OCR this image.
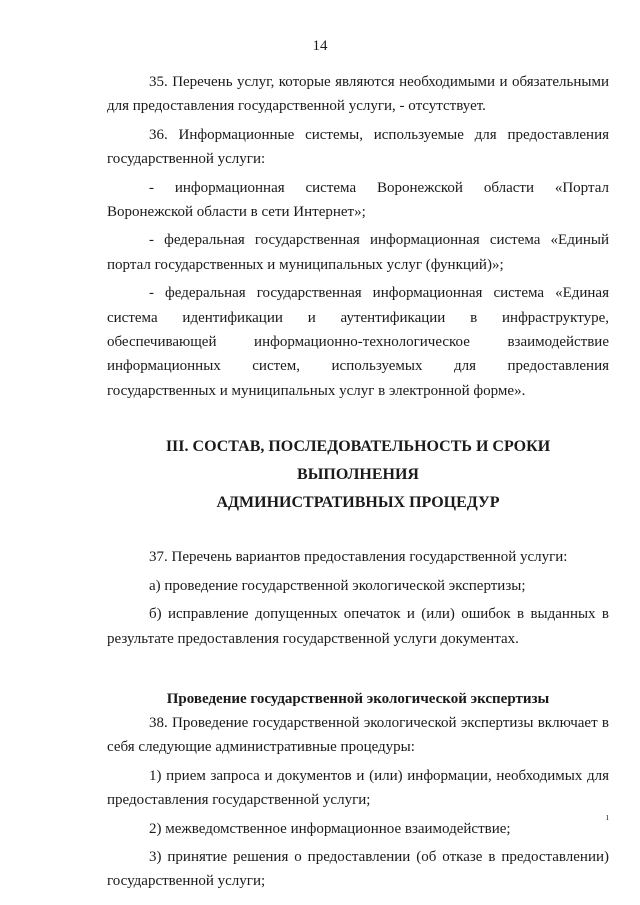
14

35. Перечень услуг, которые являются необходимыми и обязательными для предоставления государственной услуги, - отсутствует.

36. Информационные системы, используемые для предоставления государственной услуги:

- информационная система Воронежской области «Портал Воронежской области в сети Интернет»;

- федеральная государственная информационная система «Единый портал государственных и муниципальных услуг (функций)»;

- федеральная государственная информационная система «Единая система идентификации и аутентификации в инфраструктуре, обеспечивающей информационно-технологическое взаимодействие информационных систем, используемых для предоставления государственных и муниципальных услуг в электронной форме».

III. СОСТАВ, ПОСЛЕДОВАТЕЛЬНОСТЬ И СРОКИ ВЫПОЛНЕНИЯ
АДМИНИСТРАТИВНЫХ ПРОЦЕДУР

37. Перечень вариантов предоставления государственной услуги:

а) проведение государственной экологической экспертизы;

б) исправление допущенных опечаток и (или) ошибок в выданных в результате предоставления государственной услуги документах.

Проведение государственной экологической экспертизы

38. Проведение государственной экологической экспертизы включает в себя следующие административные процедуры:

1) прием запроса и документов и (или) информации, необходимых для предоставления государственной услуги;

2) межведомственное информационное взаимодействие;

3) принятие решения о предоставлении (об отказе в предоставлении) государственной услуги;

ı
